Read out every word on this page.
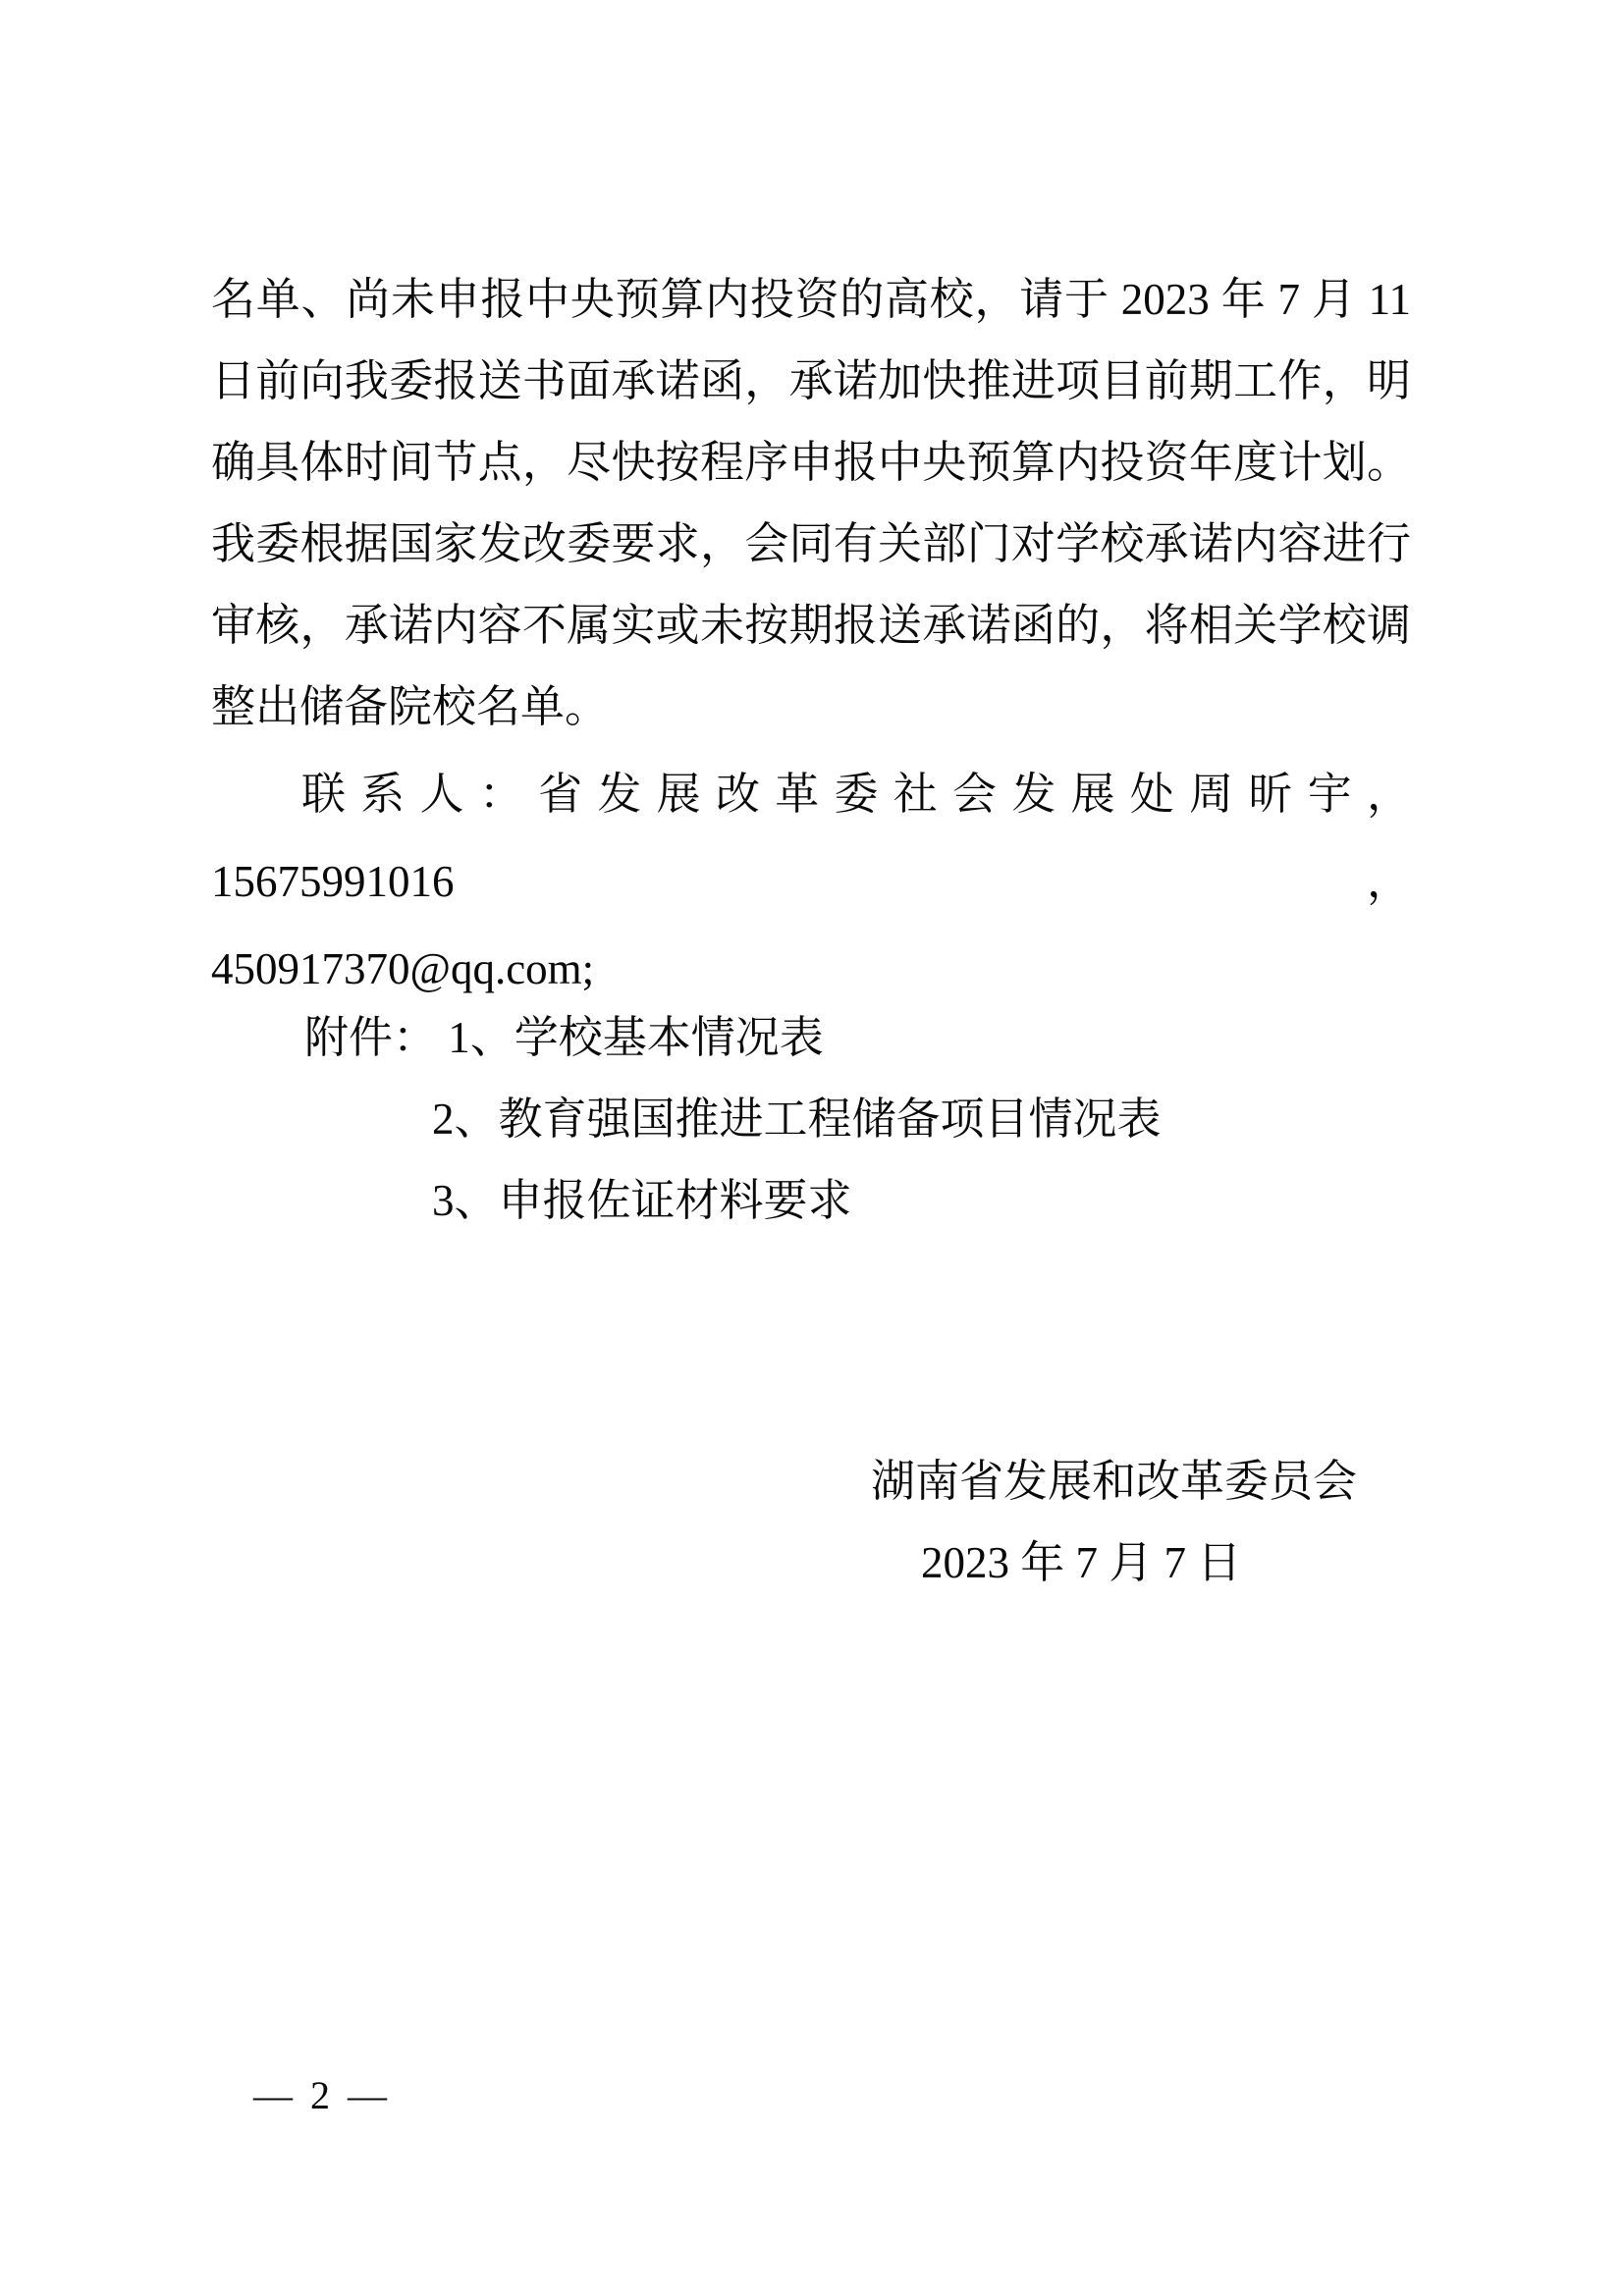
名单、尚未申报中央预算内投资的高校，请于 2023 年 7 月 11
日前向我委报送书面承诺函，承诺加快推进项目前期工作，明
确具体时间节点，尽快按程序申报中央预算内投资年度计划。
我委根据国家发改委要求，会同有关部门对学校承诺内容进行
审核，承诺内容不属实或未按期报送承诺函的，将相关学校调
整出储备院校名单。
联系人：省发展改革委社会发展处周昕宇，15675991016，
450917370@qq.com;
附件： 1、学校基本情况表
2、教育强国推进工程储备项目情况表
3、申报佐证材料要求
湖南省发展和改革委员会
2023 年 7 月 7 日
— 2 —
